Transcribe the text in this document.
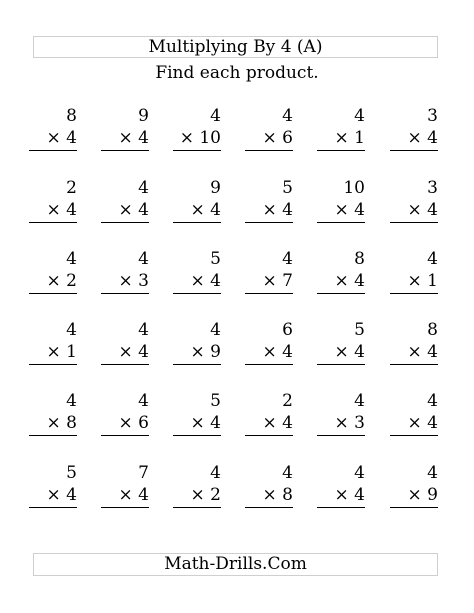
Multiplying By 4 (A)
Find each product.
8
× 4
9
× 4
4
× 10
4
× 6
4
× 1
3
× 4
2
× 4
4
× 4
9
× 4
5
× 4
10
× 4
3
× 4
4
× 2
4
× 3
5
× 4
4
× 7
8
× 4
4
× 1
4
× 1
4
× 4
4
× 9
6
× 4
5
× 4
8
× 4
4
× 8
4
× 6
5
× 4
2
× 4
4
× 3
4
× 4
5
× 4
7
× 4
4
× 2
4
× 8
4
× 4
4
× 9
Math-Drills.Com
